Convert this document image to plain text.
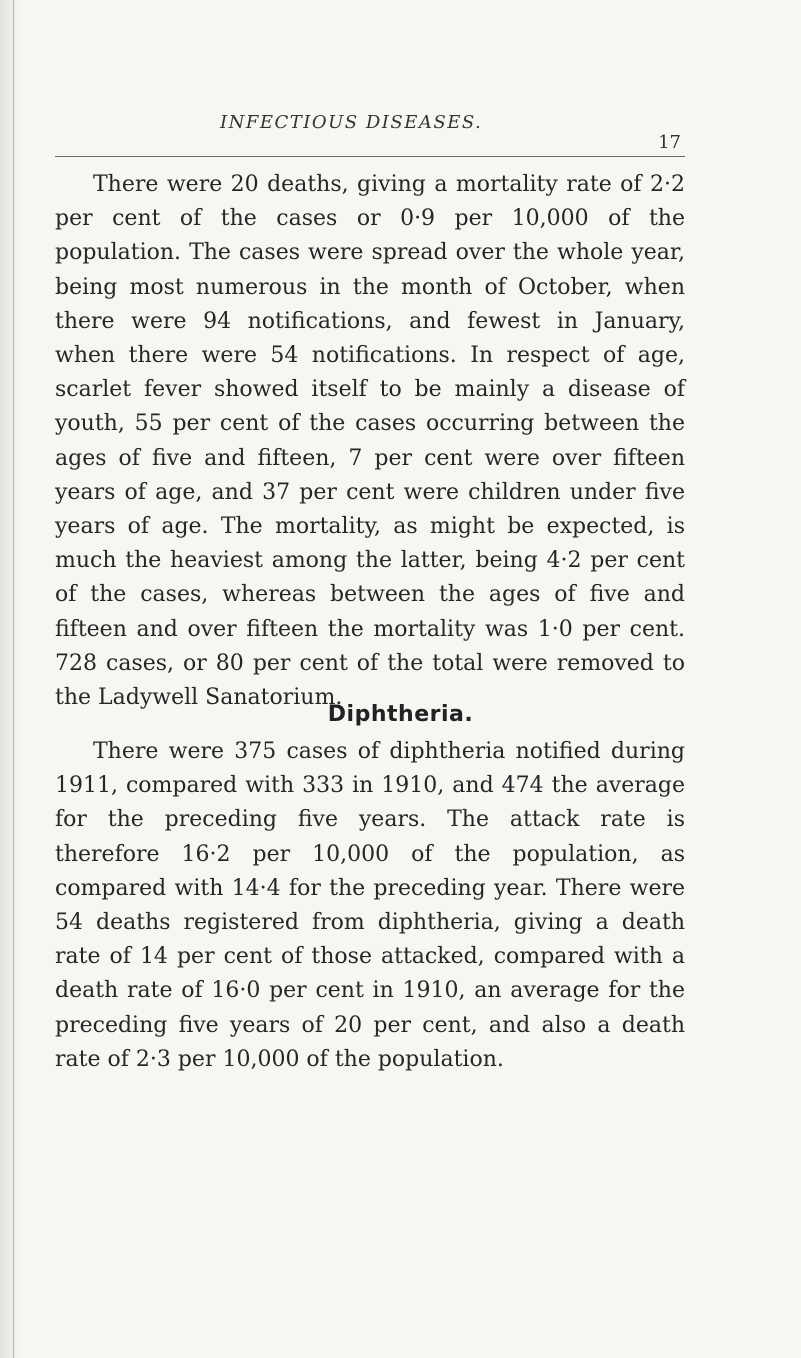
INFECTIOUS DISEASES.
17

There were 20 deaths, giving a mortality rate of 2·2 per cent of the cases or 0·9 per 10,000 of the population. The cases were spread over the whole year, being most numerous in the month of October, when there were 94 notifications, and fewest in January, when there were 54 notifications. In respect of age, scarlet fever showed itself to be mainly a disease of youth, 55 per cent of the cases occurring between the ages of five and fifteen, 7 per cent were over fifteen years of age, and 37 per cent were children under five years of age. The mortality, as might be expected, is much the heaviest among the latter, being 4·2 per cent of the cases, whereas between the ages of five and fifteen and over fifteen the mortality was 1·0 per cent. 728 cases, or 80 per cent of the total were removed to the Ladywell Sanatorium.

Diphtheria.

There were 375 cases of diphtheria notified during 1911, compared with 333 in 1910, and 474 the average for the preceding five years. The attack rate is therefore 16·2 per 10,000 of the population, as compared with 14·4 for the preceding year. There were 54 deaths registered from diphtheria, giving a death rate of 14 per cent of those attacked, compared with a death rate of 16·0 per cent in 1910, an average for the preceding five years of 20 per cent, and also a death rate of 2·3 per 10,000 of the population.
